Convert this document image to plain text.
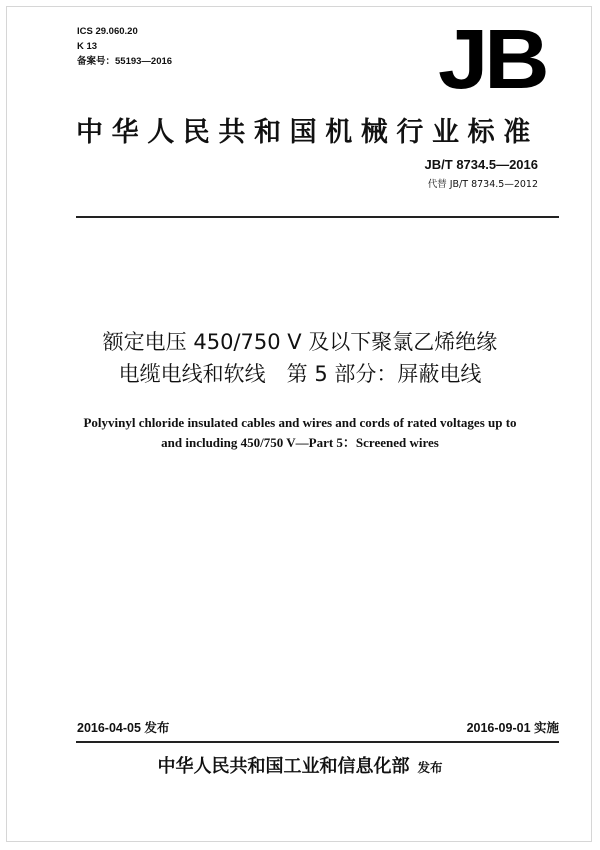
ICS 29.060.20
K 13
备案号：55193—2016	JB
中华人民共和国机械行业标准
JB/T 8734.5—2016
代替 JB/T 8734.5—2012
额定电压 450/750 V 及以下聚氯乙烯绝缘
电缆电线和软线　第 5 部分：屏蔽电线
Polyvinyl chloride insulated cables and wires and cords of rated voltages up to
and including 450/750 V—Part 5：Screened wires
2016-04-05 发布	2016-09-01 实施
中华人民共和国工业和信息化部 发布
